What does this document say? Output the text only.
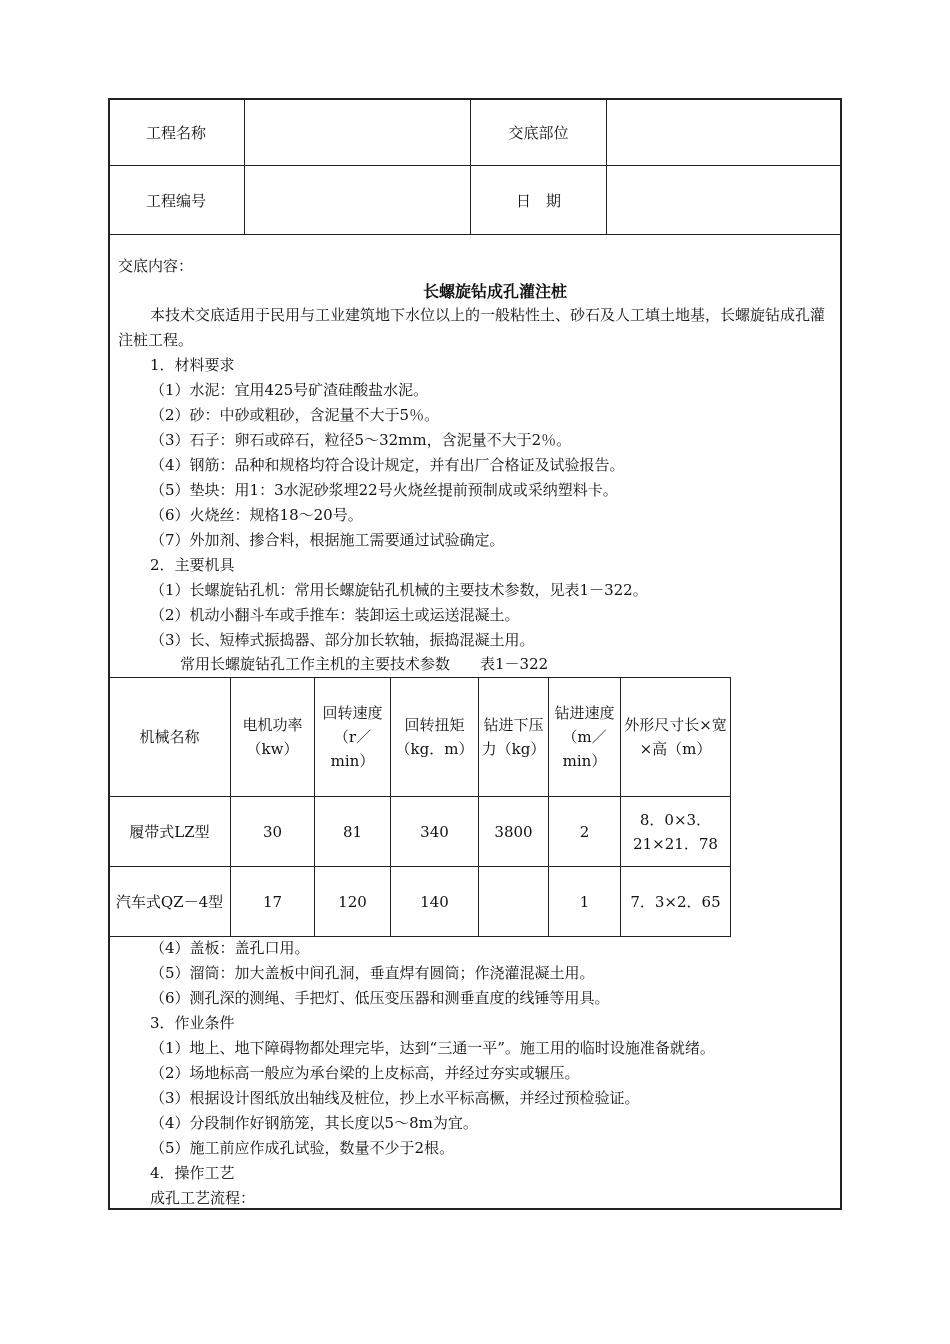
工程名称	交底部位
工程编号	日　期
交底内容：
长螺旋钻成孔灌注桩
本技术交底适用于民用与工业建筑地下水位以上的一般粘性土、砂石及人工填土地基，长螺旋钻成孔灌注桩工程。
1．材料要求
（1）水泥：宜用425号矿渣硅酸盐水泥。
（2）砂：中砂或粗砂，含泥量不大于5％。
（3）石子：卵石或碎石，粒径5～32mm，含泥量不大于2％。
（4）钢筋：品种和规格均符合设计规定，并有出厂合格证及试验报告。
（5）垫块：用1：3水泥砂浆埋22号火烧丝提前预制成或采纳塑料卡。
（6）火烧丝：规格18～20号。
（7）外加剂、掺合料，根据施工需要通过试验确定。
2．主要机具
（1）长螺旋钻孔机：常用长螺旋钻孔机械的主要技术参数，见表1－322。
（2）机动小翻斗车或手推车：装卸运土或运送混凝土。
（3）长、短棒式振捣器、部分加长软轴，振捣混凝土用。
常用长螺旋钻孔工作主机的主要技术参数　　表1－322
机械名称	电机功率（kw）	回转速度（r／min）	回转扭矩（kg．m）	钻进下压　力（kg）	钻进速度（m／min）	外形尺寸长×宽×高（m）
履带式LZ型	30	81	340	3800	2	8．0×3．21×21．78
汽车式QZ－4型	17	120	140		1	7．3×2．65
（4）盖板：盖孔口用。
（5）溜筒：加大盖板中间孔洞，垂直焊有圆筒；作浇灌混凝土用。
（6）测孔深的测绳、手把灯、低压变压器和测垂直度的线锤等用具。
3．作业条件
（1）地上、地下障碍物都处理完毕，达到“三通一平”。施工用的临时设施准备就绪。
（2）场地标高一般应为承台梁的上皮标高，并经过夯实或辗压。
（3）根据设计图纸放出轴线及桩位，抄上水平标高橛，并经过预检验证。
（4）分段制作好钢筋笼，其长度以5～8m为宜。
（5）施工前应作成孔试验，数量不少于2根。
4．操作工艺
成孔工艺流程：
